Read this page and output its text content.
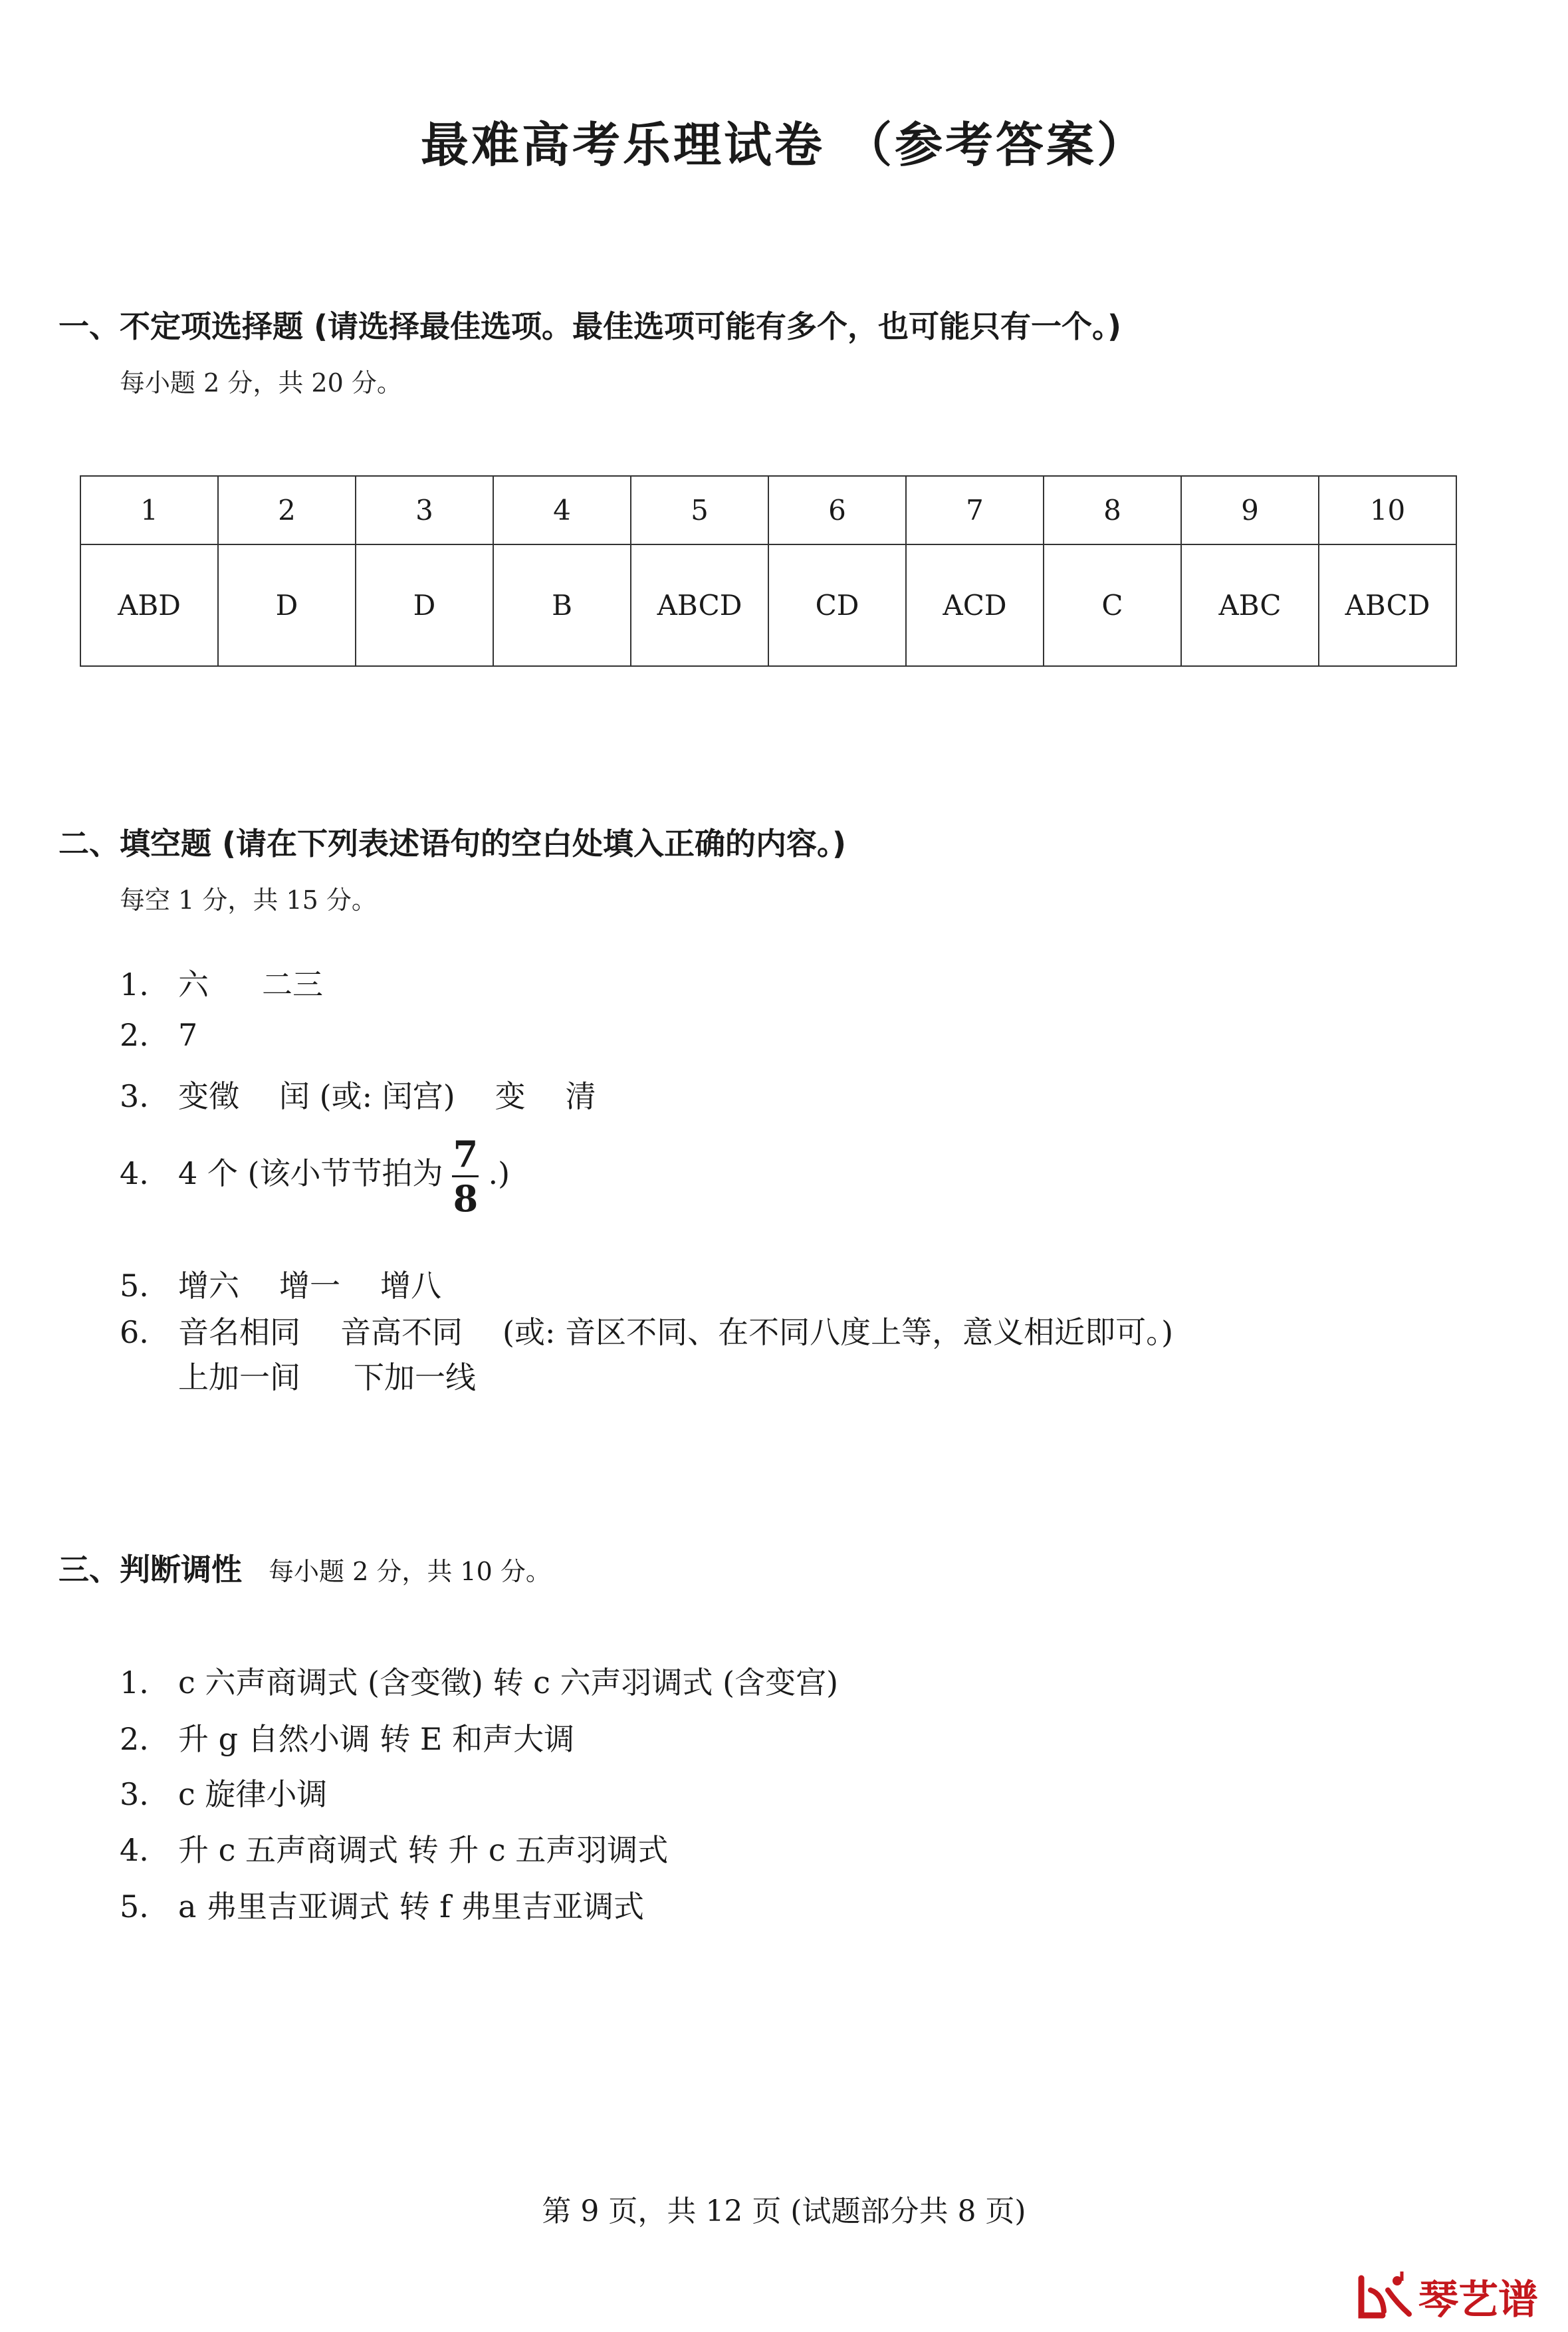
最难高考乐理试卷 （参考答案）
一、不定项选择题 (请选择最佳选项。最佳选项可能有多个，也可能只有一个。)
每小题 2 分，共 20 分。
1	2	3	4	5	6	7	8	9	10
ABD	D	D	B	ABCD	CD	ACD	C	ABC	ABCD
二、填空题 (请在下列表述语句的空白处填入正确的内容。)
每空 1 分，共 15 分。
1. 六 二三
2. 7
3. 变徵 闰 (或: 闰宫) 变 清
4. 4 个 (该小节节拍为 $\frac{7}{8}$ .)
5. 增六 增一 增八
6. 音名相同 音高不同 (或: 音区不同、在不同八度上等，意义相近即可。)
上加一间 下加一线
三、判断调性 每小题 2 分，共 10 分。
1. c 六声商调式 (含变徵) 转 c 六声羽调式 (含变宫)
2. 升 g 自然小调 转 E 和声大调
3. c 旋律小调
4. 升 c 五声商调式 转 升 c 五声羽调式
5. a 弗里吉亚调式 转 f 弗里吉亚调式
第 9 页，共 12 页 (试题部分共 8 页)
琴艺谱
